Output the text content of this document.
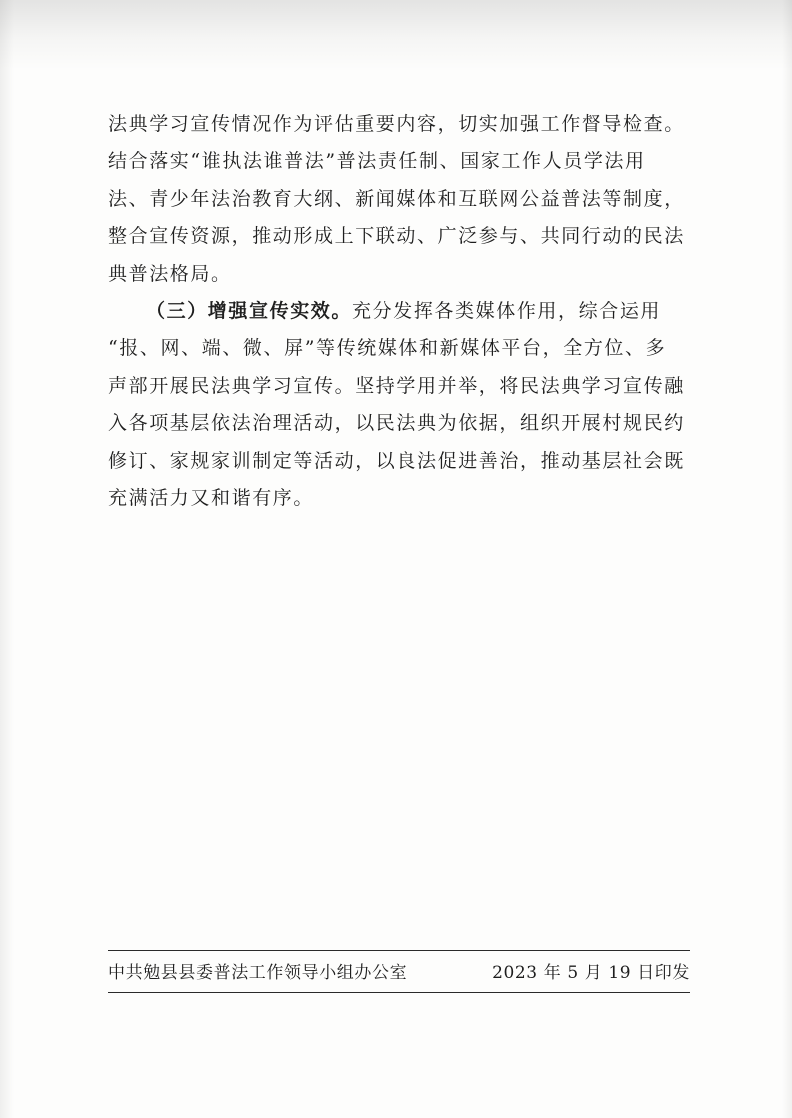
法典学习宣传情况作为评估重要内容，切实加强工作督导检查。
结合落实“谁执法谁普法”普法责任制、国家工作人员学法用
法、青少年法治教育大纲、新闻媒体和互联网公益普法等制度，
整合宣传资源，推动形成上下联动、广泛参与、共同行动的民法
典普法格局。
（三）增强宣传实效。充分发挥各类媒体作用，综合运用
“报、网、端、微、屏”等传统媒体和新媒体平台，全方位、多
声部开展民法典学习宣传。坚持学用并举，将民法典学习宣传融
入各项基层依法治理活动，以民法典为依据，组织开展村规民约
修订、家规家训制定等活动，以良法促进善治，推动基层社会既
充满活力又和谐有序。
中共勉县县委普法工作领导小组办公室	2023 年 5 月 19 日印发
